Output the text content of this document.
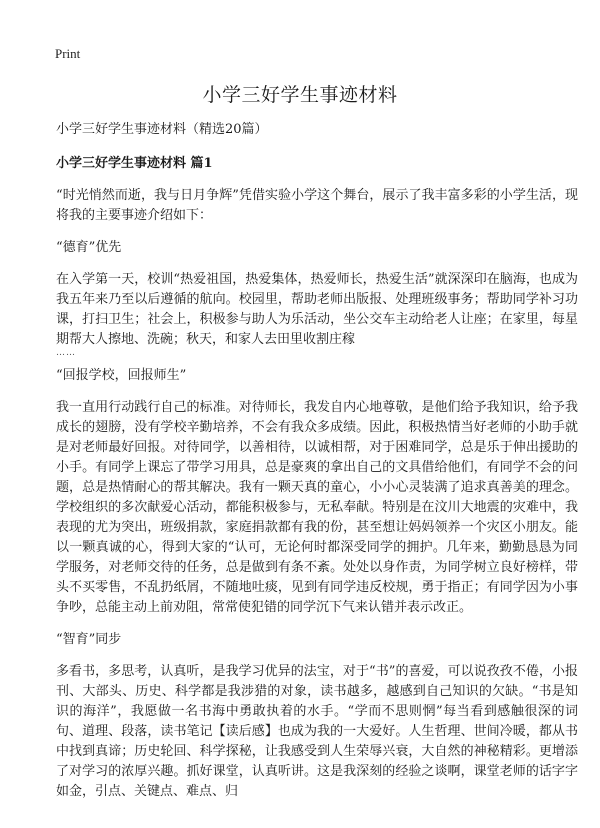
Print
小学三好学生事迹材料

小学三好学生事迹材料（精选20篇）

小学三好学生事迹材料 篇1

“时光悄然而逝，我与日月争辉”凭借实验小学这个舞台，展示了我丰富多彩的小学生活，现将我的主要事迹介绍如下：

“德育”优先

在入学第一天，校训“热爱祖国，热爱集体，热爱师长，热爱生活”就深深印在脑海，也成为我五年来乃至以后遵循的航向。校园里，帮助老师出版报、处理班级事务；帮助同学补习功课，打扫卫生；社会上，积极参与助人为乐活动，坐公交车主动给老人让座；在家里，每星期帮大人擦地、洗碗；秋天，和家人去田里收割庄稼

……

“回报学校，回报师生”

我一直用行动践行自己的标准。对待师长，我发自内心地尊敬，是他们给予我知识，给予我成长的翅膀，没有学校辛勤培养，不会有我众多成绩。因此，积极热情当好老师的小助手就是对老师最好回报。对待同学，以善相待，以诚相帮，对于困难同学，总是乐于伸出援助的小手。有同学上课忘了带学习用具，总是豪爽的拿出自己的文具借给他们，有同学不会的问题，总是热情耐心的帮其解决。我有一颗天真的童心，小小心灵装满了追求真善美的理念。学校组织的多次献爱心活动，都能积极参与，无私奉献。特别是在汶川大地震的灾难中，我表现的尤为突出，班级捐款，家庭捐款都有我的份，甚至想让妈妈领养一个灾区小朋友。能以一颗真诚的心，得到大家的“认可，无论何时都深受同学的拥护。几年来，勤勤恳恳为同学服务，对老师交待的任务，总是做到有条不紊。处处以身作责，为同学树立良好榜样，带头不买零售，不乱扔纸屑，不随地吐痰，见到有同学违反校规，勇于指正；有同学因为小事争吵，总能主动上前劝阻，常常使犯错的同学沉下气来认错并表示改正。

“智育”同步

多看书，多思考，认真听，是我学习优异的法宝，对于“书”的喜爱，可以说孜孜不倦，小报刊、大部头、历史、科学都是我涉猎的对象，读书越多，越感到自己知识的欠缺。“书是知识的海洋”，我愿做一名书海中勇敢执着的水手。“学而不思则惘”每当看到感触很深的词句、道理、段落，读书笔记【读后感】也成为我的一大爱好。人生哲理、世间冷暖，都从书中找到真谛；历史轮回、科学探秘，让我感受到人生荣辱兴衰，大自然的神秘精彩。更增添了对学习的浓厚兴趣。抓好课堂，认真听讲。这是我深刻的经验之谈啊，课堂老师的话字字如金，引点、关键点、难点、归
